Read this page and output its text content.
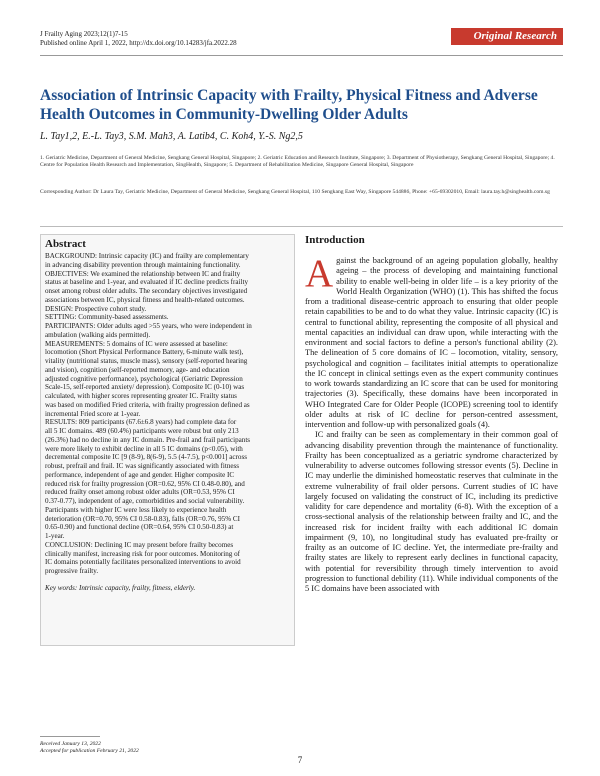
J Frailty Aging 2023;12(1)7-15
Published online April 1, 2022, http://dx.doi.org/10.14283/jfa.2022.28
Original Research
Association of Intrinsic Capacity with Frailty, Physical Fitness and Adverse Health Outcomes in Community-Dwelling Older Adults
L. Tay1,2, E.-L. Tay3, S.M. Mah3, A. Latib4, C. Koh4, Y.-S. Ng2,5
1. Geriatric Medicine, Department of General Medicine, Sengkang General Hospital, Singapore; 2. Geriatric Education and Research Institute, Singapore; 3. Department of Physiotherapy, Sengkang General Hospital, Singapore; 4. Centre for Population Health Research and Implementation, SingHealth, Singapore; 5. Department of Rehabilitation Medicine, Singapore General Hospital, Singapore
Corresponding Author: Dr Laura Tay, Geriatric Medicine, Department of General Medicine, Sengkang General Hospital, 110 Sengkang East Way, Singapore 544886, Phone: +65-69302010, Email: laura.tay.h@singhealth.com.sg
Abstract
BACKGROUND: Intrinsic capacity (IC) and frailty are complementary
in advancing disability prevention through maintaining functionality.
OBJECTIVES: We examined the relationship between IC and frailty
status at baseline and 1-year, and evaluated if IC decline predicts frailty
onset among robust older adults. The secondary objectives investigated
associations between IC, physical fitness and health-related outcomes.
DESIGN: Prospective cohort study.
SETTING: Community-based assessments.
PARTICIPANTS: Older adults aged >55 years, who were independent in
ambulation (walking aids permitted).
MEASUREMENTS: 5 domains of IC were assessed at baseline:
locomotion (Short Physical Performance Battery, 6-minute walk test),
vitality (nutritional status, muscle mass), sensory (self-reported hearing
and vision), cognition (self-reported memory, age- and education
adjusted cognitive performance), psychological (Geriatric Depression
Scale-15, self-reported anxiety/ depression). Composite IC (0-10) was
calculated, with higher scores representing greater IC. Frailty status
was based on modified Fried criteria, with frailty progression defined as
incremental Fried score at 1-year.
RESULTS: 809 participants (67.6±6.8 years) had complete data for
all 5 IC domains. 489 (60.4%) participants were robust but only 213
(26.3%) had no decline in any IC domain. Pre-frail and frail participants
were more likely to exhibit decline in all 5 IC domains (p<0.05), with
decremental composite IC [9 (8-9), 8(6-9), 5.5 (4-7.5), p<0.001] across
robust, prefrail and frail. IC was significantly associated with fitness
performance, independent of age and gender. Higher composite IC
reduced risk for frailty progression (OR=0.62, 95% CI 0.48-0.80), and
reduced frailty onset among robust older adults (OR=0.53, 95% CI
0.37-0.77), independent of age, comorbidities and social vulnerability.
Participants with higher IC were less likely to experience health
deterioration (OR=0.70, 95% CI 0.58-0.83), falls (OR=0.76, 95% CI
0.65-0.90) and functional decline (OR=0.64, 95% CI 0.50-0.83) at
1-year.
CONCLUSION: Declining IC may present before frailty becomes
clinically manifest, increasing risk for poor outcomes. Monitoring of
IC domains potentially facilitates personalized interventions to avoid
progressive frailty.
Key words: Intrinsic capacity, frailty, fitness, elderly.
Introduction

Against the background of an ageing population globally, healthy ageing – the process of developing and maintaining functional ability to enable well-being in older life – is a key priority of the World Health Organization (WHO) (1). This has shifted the focus from a traditional disease-centric approach to ensuring that older people retain capabilities to be and to do what they value. Intrinsic capacity (IC) is central to functional ability, representing the composite of all physical and mental capacities an individual can draw upon, while interacting with the environment and social factors to define a person's functional ability (2). The delineation of 5 core domains of IC – locomotion, vitality, sensory, psychological and cognition – facilitates initial attempts to operationalize the IC concept in clinical settings even as the expert community continues to work towards standardizing an IC score that can be used for monitoring trajectories (3). Specifically, these domains have been incorporated in WHO Integrated Care for Older People (ICOPE) screening tool to identify older adults at risk of IC decline for person-centred assessment, intervention and follow-up with personalized goals (4).

IC and frailty can be seen as complementary in their common goal of advancing disability prevention through the maintenance of functionality. Frailty has been conceptualized as a geriatric syndrome characterized by vulnerability to adverse outcomes following stressor events (5). Decline in IC may underlie the diminished homeostatic reserves that culminate in the extreme vulnerability of frail older persons. Current studies of IC have largely focused on validating the construct of IC, including its predictive validity for care dependence and mortality (6-8). With the exception of a cross-sectional analysis of the relationship between frailty and IC, and the increased risk for incident frailty with each additional IC domain impairment (9, 10), no longitudinal study has evaluated pre-frailty or frailty as an outcome of IC decline. Yet, the intermediate pre-frailty and frailty states are likely to represent early declines in functional capacity, with potential for reversibility through timely intervention to avoid progression to functional debility (11). While individual components of the 5 IC domains have been associated with

Received January 13, 2022
Accepted for publication February 21, 2022
7
